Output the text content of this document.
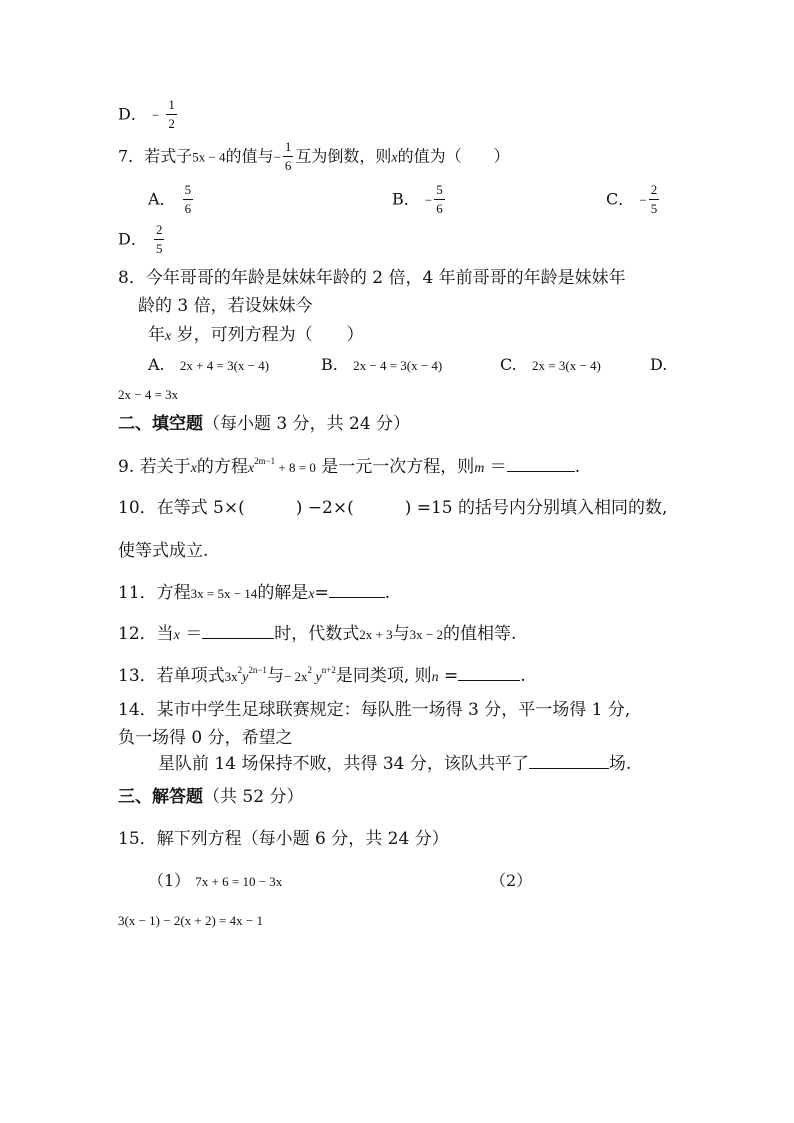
D． − $\frac{1}{2}$
7．若式子5x − 4的值与− $\frac{1}{6}$ 互为倒数，则x的值为（　　）
A． $\frac{5}{6}$	B． − $\frac{5}{6}$	C． − $\frac{2}{5}$
D． $\frac{2}{5}$
8．今年哥哥的年龄是妹妹年龄的 2 倍，4 年前哥哥的年龄是妹妹年
龄的 3 倍，若设妹妹今
年x 岁，可列方程为（　　）
A. 2x + 4 = 3(x − 4)	B. 2x − 4 = 3(x − 4)	C. 2x = 3(x − 4)	D.
2x − 4 = 3x
二、填空题（每小题 3 分，共 24 分）
9. 若关于x的方程$x^{2m-1} + 8 = 0$ 是一元一次方程，则m ＝	.
10．在等式 5×(　　　) −2×(　　　) =15 的括号内分别填入相同的数,
使等式成立.
11．方程3x = 5x − 14的解是x=	.
12．当x ＝	时，代数式2x + 3与3x − 2的值相等.
13．若单项式$3x^2y^{2n-1}$与− $2x^2$ $y^{n+2}$是同类项, 则n =	.
14．某市中学生足球联赛规定：每队胜一场得 3 分，平一场得 1 分,
负一场得 0 分，希望之
星队前 14 场保持不败，共得 34 分，该队共平了	场.
三、解答题（共 52 分）
15．解下列方程（每小题 6 分，共 24 分）
（1） 7x + 6 = 10 − 3x	（2）
3(x − 1) − 2(x + 2) = 4x − 1
